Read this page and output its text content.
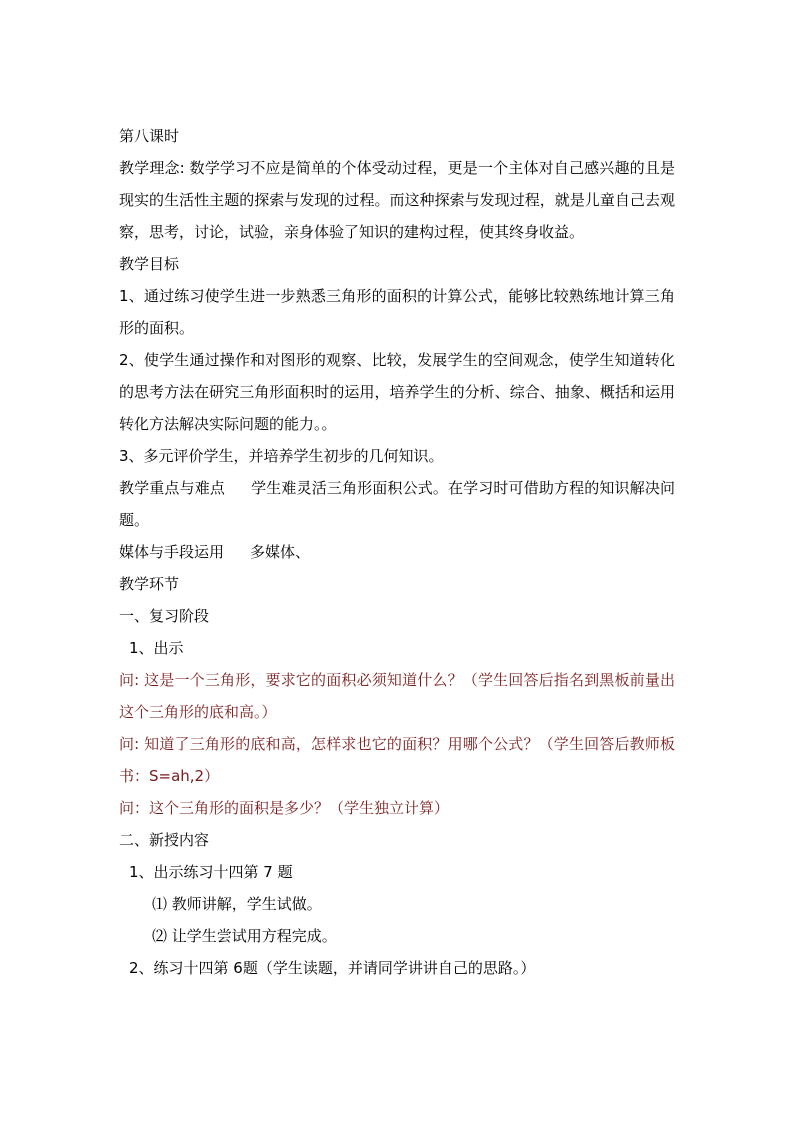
第八课时
教学理念: 数学学习不应是简单的个体受动过程，更是一个主体对自己感兴趣的且是现实的生活性主题的探索与发现的过程。而这种探索与发现过程，就是儿童自己去观察，思考，讨论，试验，亲身体验了知识的建构过程，使其终身收益。
教学目标
1、通过练习使学生进一步熟悉三角形的面积的计算公式，能够比较熟练地计算三角形的面积。
2、使学生通过操作和对图形的观察、比较，发展学生的空间观念，使学生知道转化的思考方法在研究三角形面积时的运用，培养学生的分析、综合、抽象、概括和运用转化方法解决实际问题的能力。。
3、多元评价学生，并培养学生初步的几何知识。
教学重点与难点 学生难灵活三角形面积公式。在学习时可借助方程的知识解决问题。
媒体与手段运用 多媒体、
教学环节
一、复习阶段
1、出示
问: 这是一个三角形，要求它的面积必须知道什么？（学生回答后指名到黑板前量出这个三角形的底和高。）
问: 知道了三角形的底和高，怎样求也它的面积？用哪个公式？（学生回答后教师板书：S=ah,2）
问：这个三角形的面积是多少？（学生独立计算）
二、新授内容
1、出示练习十四第 7 题
⑴ 教师讲解，学生试做。
⑵ 让学生尝试用方程完成。
2、练习十四第 6题（学生读题，并请同学讲讲自己的思路。）
